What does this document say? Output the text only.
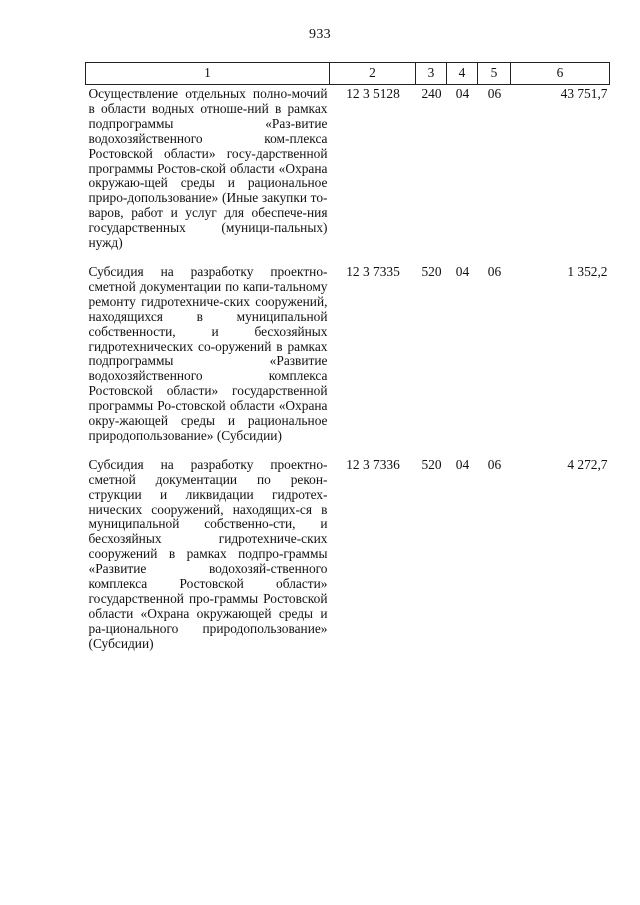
933
1	2	3	4	5	6
Осуществление отдельных полно-мочий в области водных отноше-ний в рамках подпрограммы «Раз-витие водохозяйственного ком-плекса Ростовской области» госу-дарственной программы Ростов-ской области «Охрана окружаю-щей среды и рациональное приро-допользование» (Иные закупки то-варов, работ и услуг для обеспече-ния государственных (муници-пальных) нужд)	12 3 5128	240	04	06	43 751,7
Субсидия на разработку проектно-сметной документации по капи-тальному ремонту гидротехниче-ских сооружений, находящихся в муниципальной собственности, и бесхозяйных гидротехнических со-оружений в рамках подпрограммы «Развитие водохозяйственного комплекса Ростовской области» государственной программы Ро-стовской области «Охрана окру-жающей среды и рациональное природопользование» (Субсидии)	12 3 7335	520	04	06	1 352,2
Субсидия на разработку проектно-сметной документации по рекон-струкции и ликвидации гидротех-нических сооружений, находящих-ся в муниципальной собственно-сти, и бесхозяйных гидротехниче-ских сооружений в рамках подпро-граммы «Развитие водохозяй-ственного комплекса Ростовской области» государственной про-граммы Ростовской области «Охрана окружающей среды и ра-ционального природопользование» (Субсидии)	12 3 7336	520	04	06	4 272,7
